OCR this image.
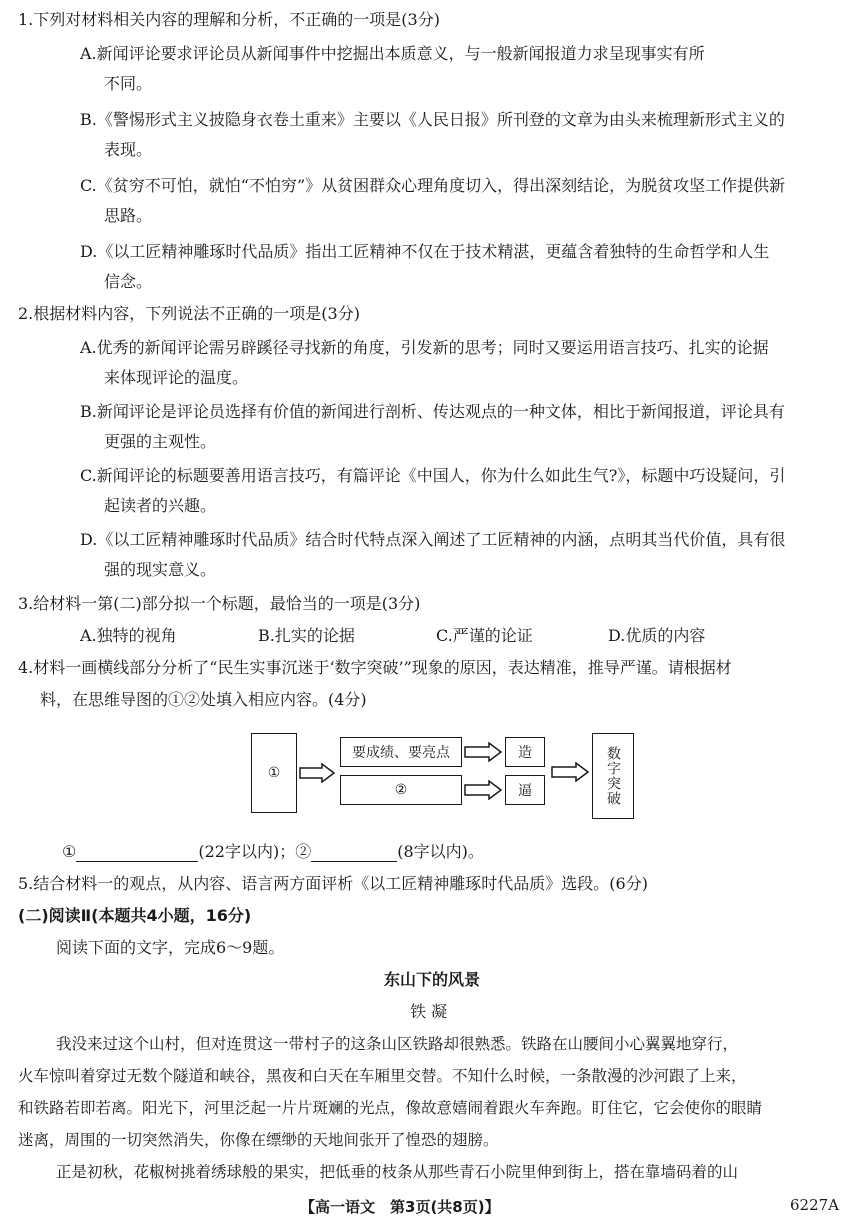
1.下列对材料相关内容的理解和分析，不正确的一项是(3分)
A.新闻评论要求评论员从新闻事件中挖掘出本质意义，与一般新闻报道力求呈现事实有所
不同。
B.《警惕形式主义披隐身衣卷土重来》主要以《人民日报》所刊登的文章为由头来梳理新形式主义的
表现。
C.《贫穷不可怕，就怕“不怕穷”》从贫困群众心理角度切入，得出深刻结论，为脱贫攻坚工作提供新
思路。
D.《以工匠精神雕琢时代品质》指出工匠精神不仅在于技术精湛，更蕴含着独特的生命哲学和人生
信念。
2.根据材料内容，下列说法不正确的一项是(3分)
A.优秀的新闻评论需另辟蹊径寻找新的角度，引发新的思考；同时又要运用语言技巧、扎实的论据
来体现评论的温度。
B.新闻评论是评论员选择有价值的新闻进行剖析、传达观点的一种文体，相比于新闻报道，评论具有
更强的主观性。
C.新闻评论的标题要善用语言技巧，有篇评论《中国人，你为什么如此生气?》，标题中巧设疑问，引
起读者的兴趣。
D.《以工匠精神雕琢时代品质》结合时代特点深入阐述了工匠精神的内涵，点明其当代价值，具有很
强的现实意义。
3.给材料一第(二)部分拟一个标题，最恰当的一项是(3分)
A.独特的视角	B.扎实的论据	C.严谨的论证	D.优质的内容
4.材料一画横线部分分析了“民生实事沉迷于‘数字突破’”现象的原因，表达精准，推导严谨。请根据材
料，在思维导图的①②处填入相应内容。(4分)
①
要成绩、要亮点
②
造
逼	数字突破
①	(22字以内)；②	(8字以内)。
5.结合材料一的观点，从内容、语言两方面评析《以工匠精神雕琢时代品质》选段。(6分)
(二)阅读Ⅱ(本题共4小题，16分)
阅读下面的文字，完成6～9题。
东山下的风景
铁 凝
我没来过这个山村，但对连贯这一带村子的这条山区铁路却很熟悉。铁路在山腰间小心翼翼地穿行，
火车惊叫着穿过无数个隧道和峡谷，黑夜和白天在车厢里交替。不知什么时候，一条散漫的沙河跟了上来，
和铁路若即若离。阳光下，河里泛起一片片斑斓的光点，像故意嬉闹着跟火车奔跑。盯住它，它会使你的眼睛
迷离，周围的一切突然消失，你像在缥缈的天地间张开了惶恐的翅膀。
正是初秋，花椒树挑着绣球般的果实，把低垂的枝条从那些青石小院里伸到街上，搭在靠墙码着的山
【高一语文　第3页(共8页)】	6227A
